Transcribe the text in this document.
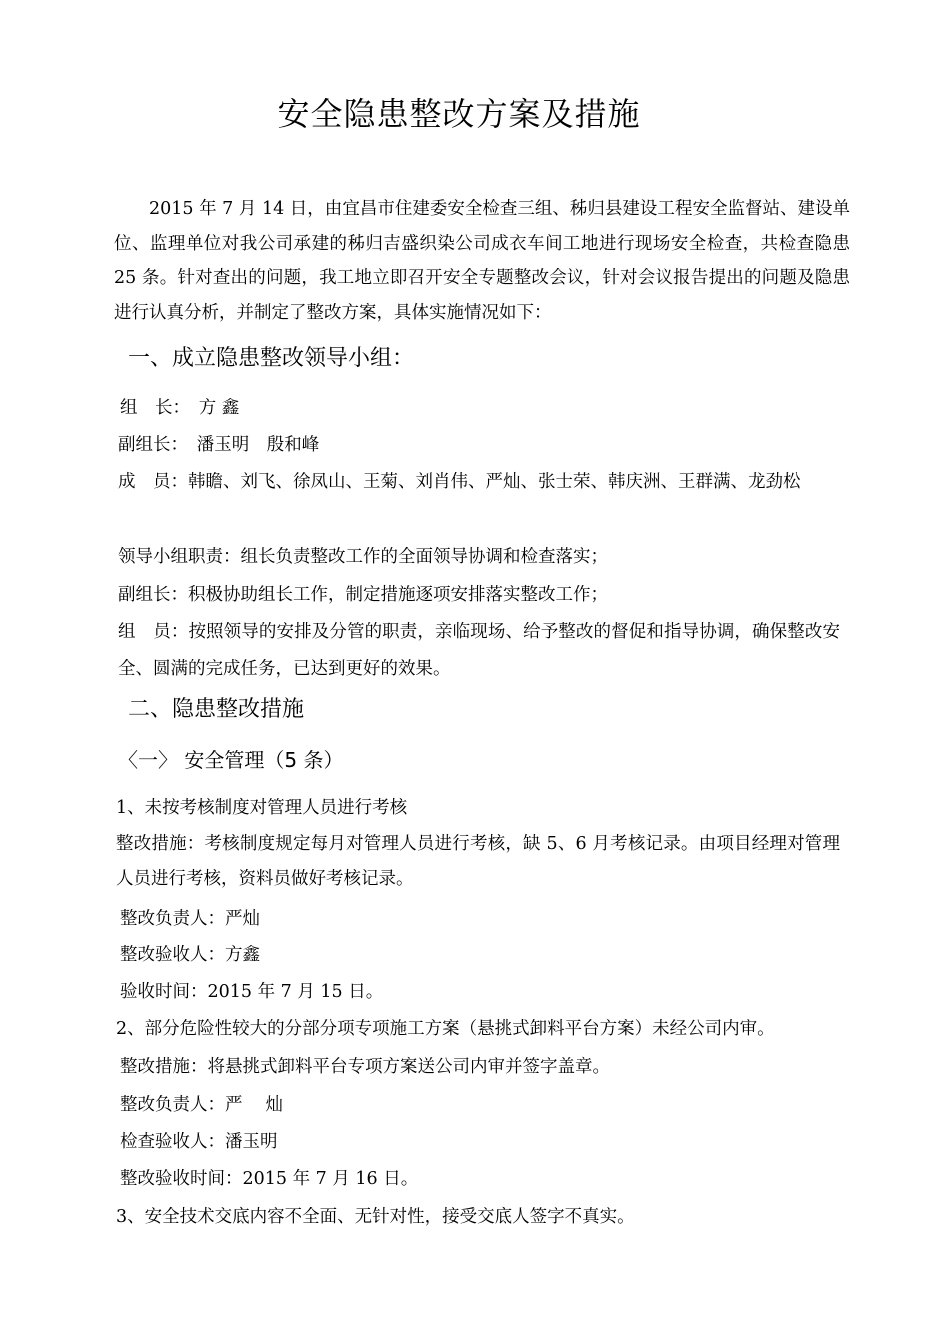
安全隐患整改方案及措施

2015 年 7 月 14 日，由宜昌市住建委安全检查三组、秭归县建设工程安全监督站、建设单位、监理单位对我公司承建的秭归吉盛织染公司成衣车间工地进行现场安全检查，共检查隐患 25 条。针对查出的问题，我工地立即召开安全专题整改会议，针对会议报告提出的问题及隐患进行认真分析，并制定了整改方案，具体实施情况如下：

一、成立隐患整改领导小组：

组　长：　方 鑫

副组长：　潘玉明　殷和峰

成　员：韩瞻、刘飞、徐凤山、王菊、刘肖伟、严灿、张士荣、韩庆洲、王群满、龙劲松

领导小组职责：组长负责整改工作的全面领导协调和检查落实；

副组长：积极协助组长工作，制定措施逐项安排落实整改工作；

组　员：按照领导的安排及分管的职责，亲临现场、给予整改的督促和指导协调，确保整改安全、圆满的完成任务，已达到更好的效果。

二、隐患整改措施

〈一〉 安全管理（5 条）

1、未按考核制度对管理人员进行考核

整改措施：考核制度规定每月对管理人员进行考核，缺 5、6 月考核记录。由项目经理对管理人员进行考核，资料员做好考核记录。

整改负责人：严灿

整改验收人：方鑫

验收时间：2015 年 7 月 15 日。

2、部分危险性较大的分部分项专项施工方案（悬挑式卸料平台方案）未经公司内审。

整改措施：将悬挑式卸料平台专项方案送公司内审并签字盖章。

整改负责人：严　 灿

检查验收人：潘玉明

整改验收时间：2015 年 7 月 16 日。

3、安全技术交底内容不全面、无针对性，接受交底人签字不真实。
